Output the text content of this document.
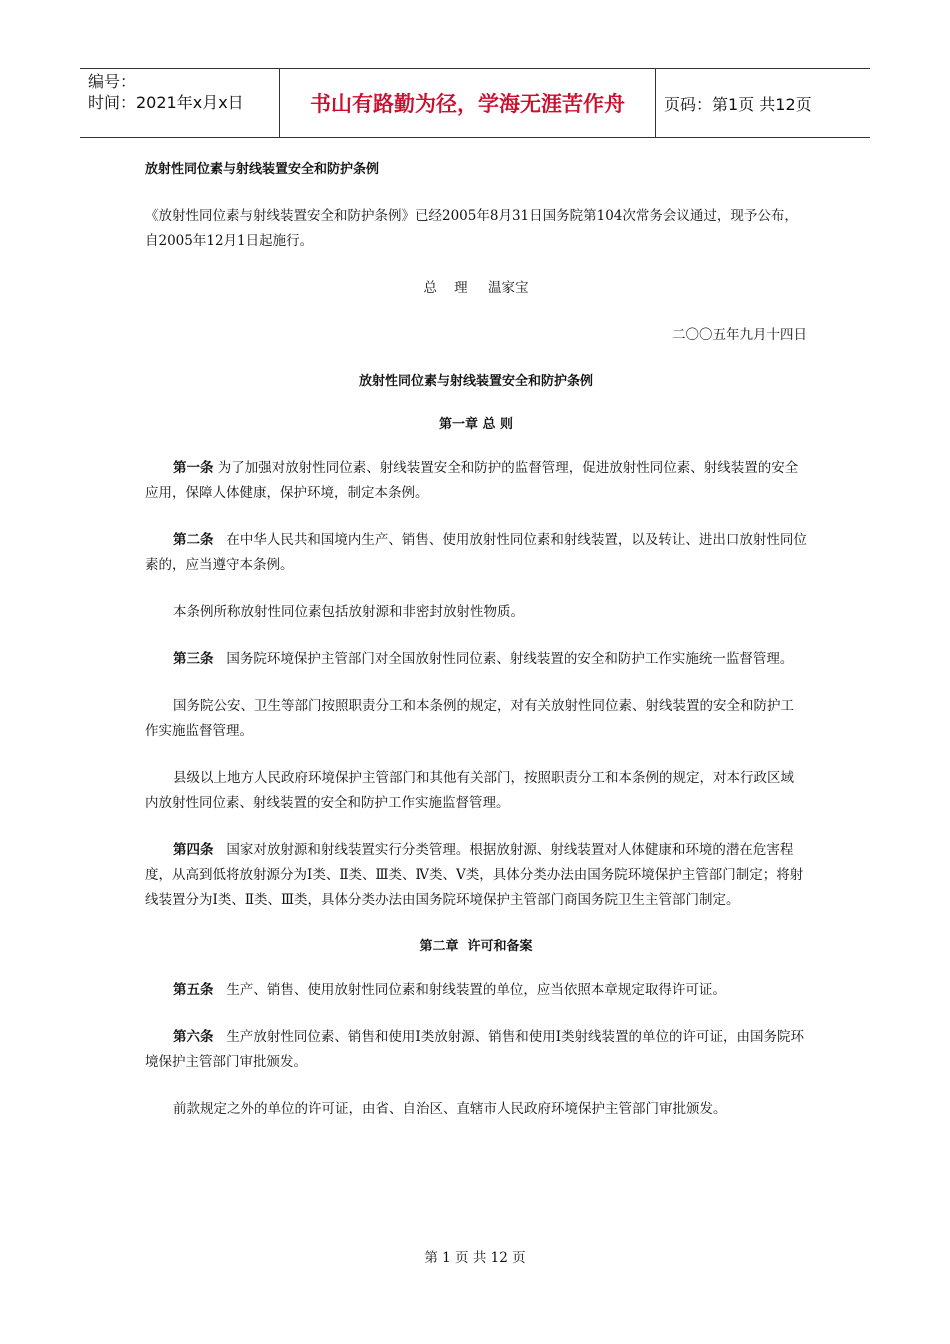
编号：
时间：2021年x月x日	书山有路勤为径，学海无涯苦作舟	页码：第1页 共12页
放射性同位素与射线装置安全和防护条例

《放射性同位素与射线装置安全和防护条例》已经2005年8月31日国务院第104次常务会议通过，现予公布，自2005年12月1日起施行。

总    理 温家宝

二〇〇五年九月十四日

放射性同位素与射线装置安全和防护条例
第一章 总 则

第一条 为了加强对放射性同位素、射线装置安全和防护的监督管理，促进放射性同位素、射线装置的安全应用，保障人体健康，保护环境，制定本条例。

第二条 在中华人民共和国境内生产、销售、使用放射性同位素和射线装置，以及转让、进出口放射性同位素的，应当遵守本条例。

本条例所称放射性同位素包括放射源和非密封放射性物质。

第三条 国务院环境保护主管部门对全国放射性同位素、射线装置的安全和防护工作实施统一监督管理。

国务院公安、卫生等部门按照职责分工和本条例的规定，对有关放射性同位素、射线装置的安全和防护工作实施监督管理。

县级以上地方人民政府环境保护主管部门和其他有关部门，按照职责分工和本条例的规定，对本行政区域内放射性同位素、射线装置的安全和防护工作实施监督管理。

第四条 国家对放射源和射线装置实行分类管理。根据放射源、射线装置对人体健康和环境的潜在危害程度，从高到低将放射源分为Ⅰ类、Ⅱ类、Ⅲ类、Ⅳ类、Ⅴ类，具体分类办法由国务院环境保护主管部门制定；将射线装置分为Ⅰ类、Ⅱ类、Ⅲ类，具体分类办法由国务院环境保护主管部门商国务院卫生主管部门制定。

第二章  许可和备案

第五条 生产、销售、使用放射性同位素和射线装置的单位，应当依照本章规定取得许可证。

第六条 生产放射性同位素、销售和使用Ⅰ类放射源、销售和使用Ⅰ类射线装置的单位的许可证，由国务院环境保护主管部门审批颁发。

前款规定之外的单位的许可证，由省、自治区、直辖市人民政府环境保护主管部门审批颁发。

第 1 页 共 12 页
